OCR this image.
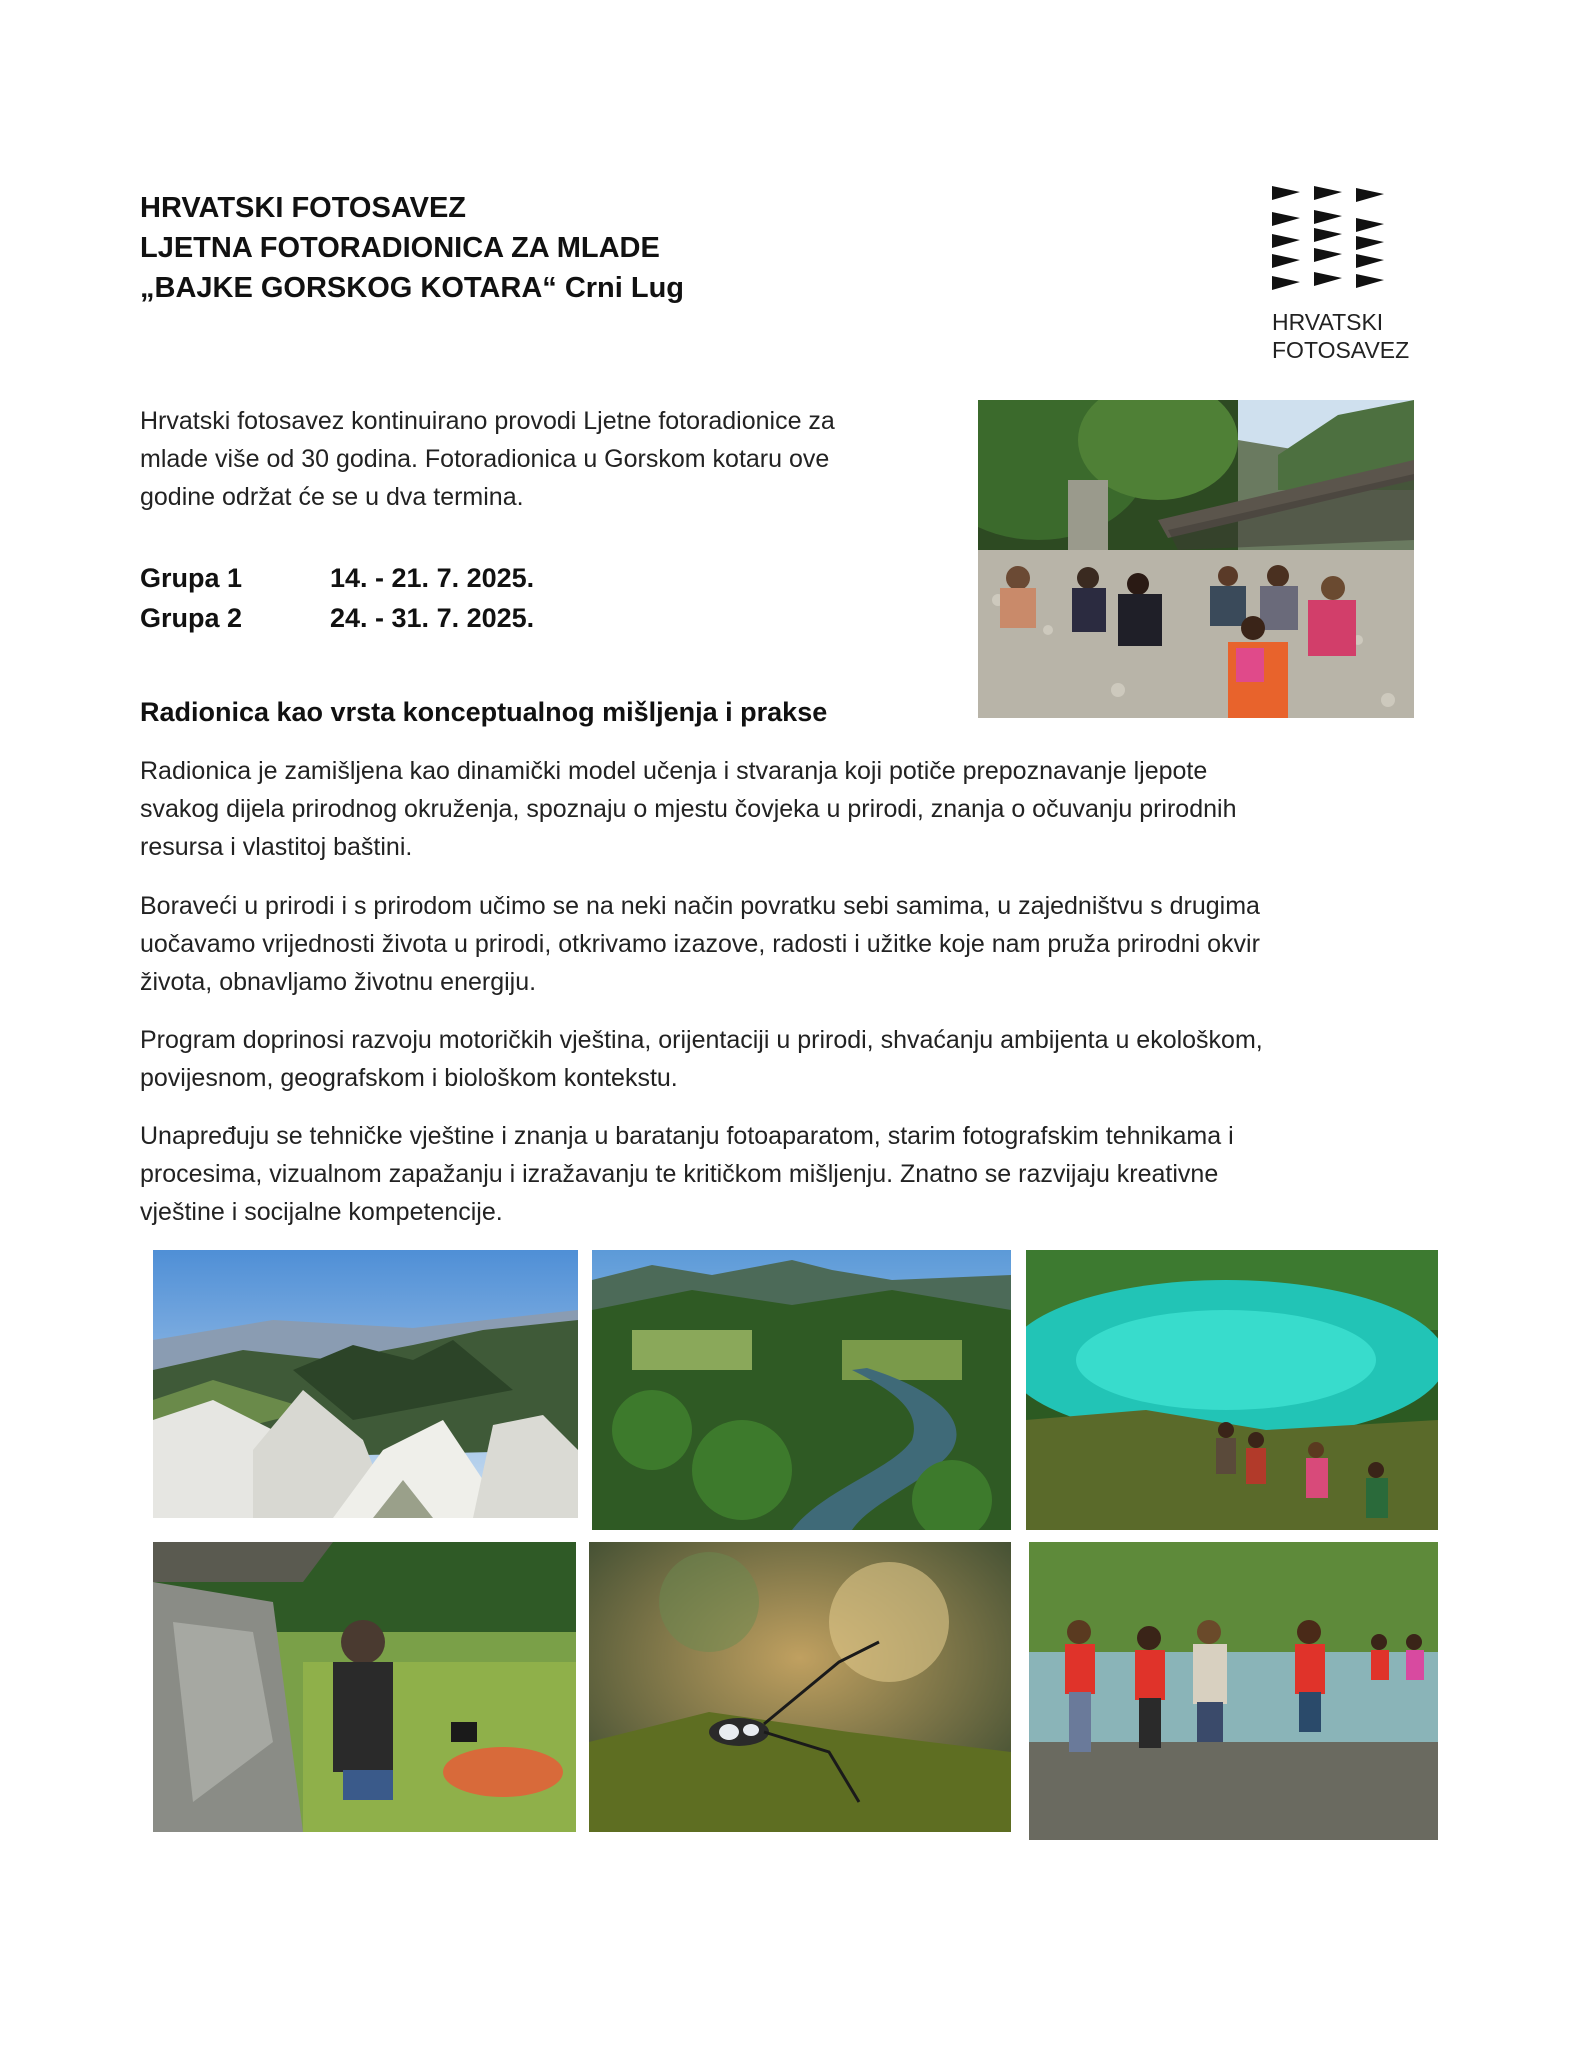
HRVATSKI FOTOSAVEZ
LJETNA FOTORADIONICA ZA MLADE
„BAJKE GORSKOG KOTARA“ Crni Lug
HRVATSKI
FOTOSAVEZ

Hrvatski fotosavez kontinuirano provodi Ljetne fotoradionice za

mlade više od 30 godina. Fotoradionica u Gorskom kotaru ove

godine održat će se u dva termina.

Grupa 1	14. - 21. 7. 2025.
Grupa 2	24. - 31. 7. 2025.
Radionica kao vrsta konceptualnog mišljenja i prakse

Radionica je zamišljena kao dinamički model učenja i stvaranja koji potiče prepoznavanje ljepote

svakog dijela prirodnog okruženja, spoznaju o mjestu čovjeka u prirodi, znanja o očuvanju prirodnih

resursa i vlastitoj baštini.

Boraveći u prirodi i s prirodom učimo se na neki način povratku sebi samima, u zajedništvu s drugima

uočavamo vrijednosti života u prirodi, otkrivamo izazove, radosti i užitke koje nam pruža prirodni okvir

života, obnavljamo životnu energiju.

Program doprinosi razvoju motoričkih vještina, orijentaciji u prirodi, shvaćanju ambijenta u ekološkom,

povijesnom, geografskom i biološkom kontekstu.

Unapređuju se tehničke vještine i znanja u baratanju fotoaparatom, starim fotografskim tehnikama i

procesima, vizualnom zapažanju i izražavanju te kritičkom mišljenju. Znatno se razvijaju kreativne

vještine i socijalne kompetencije.
